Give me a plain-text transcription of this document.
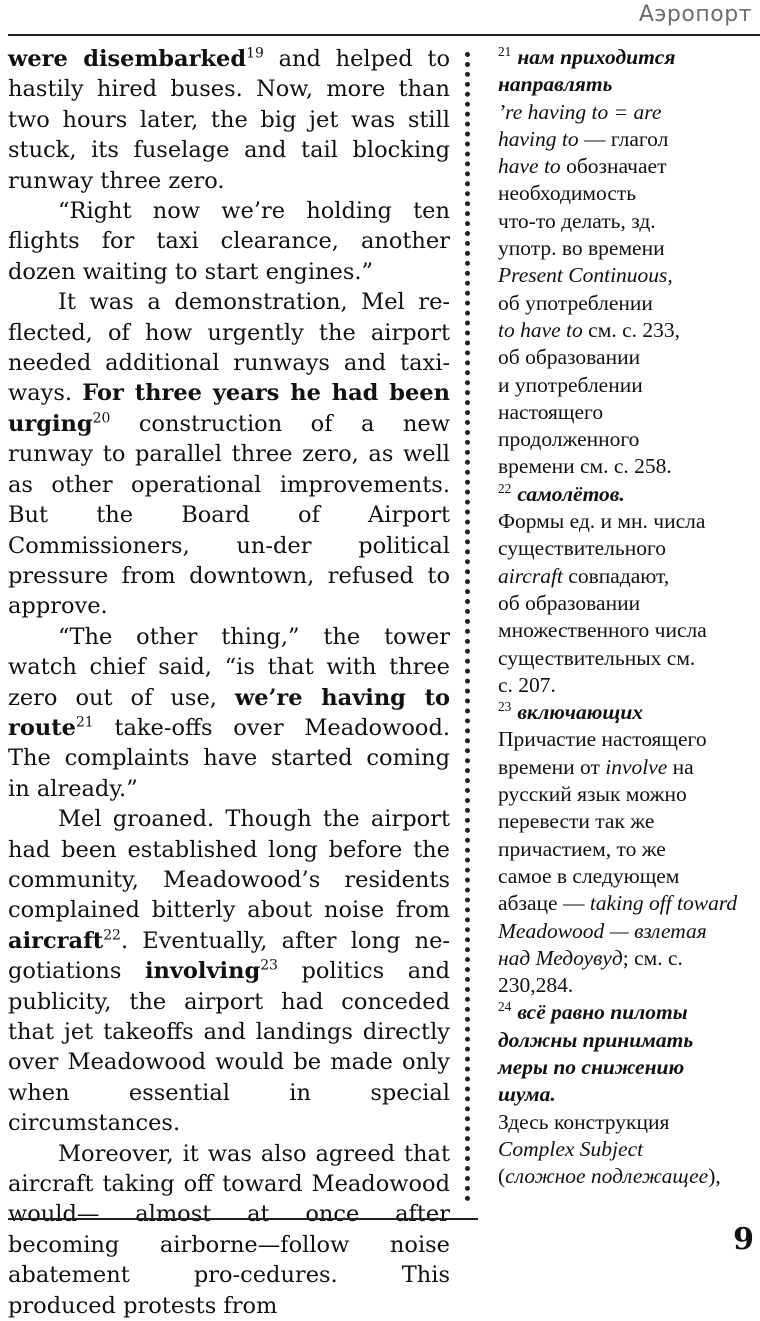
Аэропорт

were disembarked$^{19}$ and helped to hastily hired buses. Now, more than two hours later, the big jet was still stuck, its fuselage and tail blocking runway three zero.

“Right now we’re holding ten flights for taxi clearance, another dozen waiting to start engines.”

It was a demonstration, Mel re-flected, of how urgently the airport needed additional runways and taxi-ways. For three years he had been urging$^{20}$ construction of a new runway to parallel three zero, as well as other operational improvements. But the Board of Airport Commissioners, un-der political pressure from downtown, refused to approve.

“The other thing,” the tower watch chief said, “is that with three zero out of use, we’re having to route$^{21}$ take-offs over Meadowood. The complaints have started coming in already.”

Mel groaned. Though the airport had been established long before the community, Meadowood’s residents complained bitterly about noise from aircraft$^{22}$. Eventually, after long ne-gotiations involving$^{23}$ politics and publicity, the airport had conceded that jet takeoffs and landings directly over Meadowood would be made only when essential in special circumstances.

Moreover, it was also agreed that aircraft taking off toward Meadowood would— almost at once after becoming airborne—follow noise abatement pro-cedures. This produced protests from

$^{21}$ нам приходится
направлять
’re having to = are
having to — глагол
have to обозначает
необходимость
что-то делать, зд.
употр. во времени
Present Continuous,
об употреблении
to have to см. с. 233,
об образовании
и употреблении
настоящего
продолженного
времени см. с. 258.
$^{22}$ самолётов.
Формы ед. и мн. числа
существительного
aircraft совпадают,
об образовании
множественного числа
существительных см.
с. 207.
$^{23}$ включающих
Причастие настоящего
времени от involve на
русский язык можно
перевести так же
причастием, то же
самое в следующем
абзаце — taking off toward
Meadowood — взлетая
над Медоувуд; см. с.
230,284.
$^{24}$ всё равно пилоты
должны принимать
меры по снижению
шума.
Здесь конструкция
Complex Subject
(сложное подлежащее),
9
